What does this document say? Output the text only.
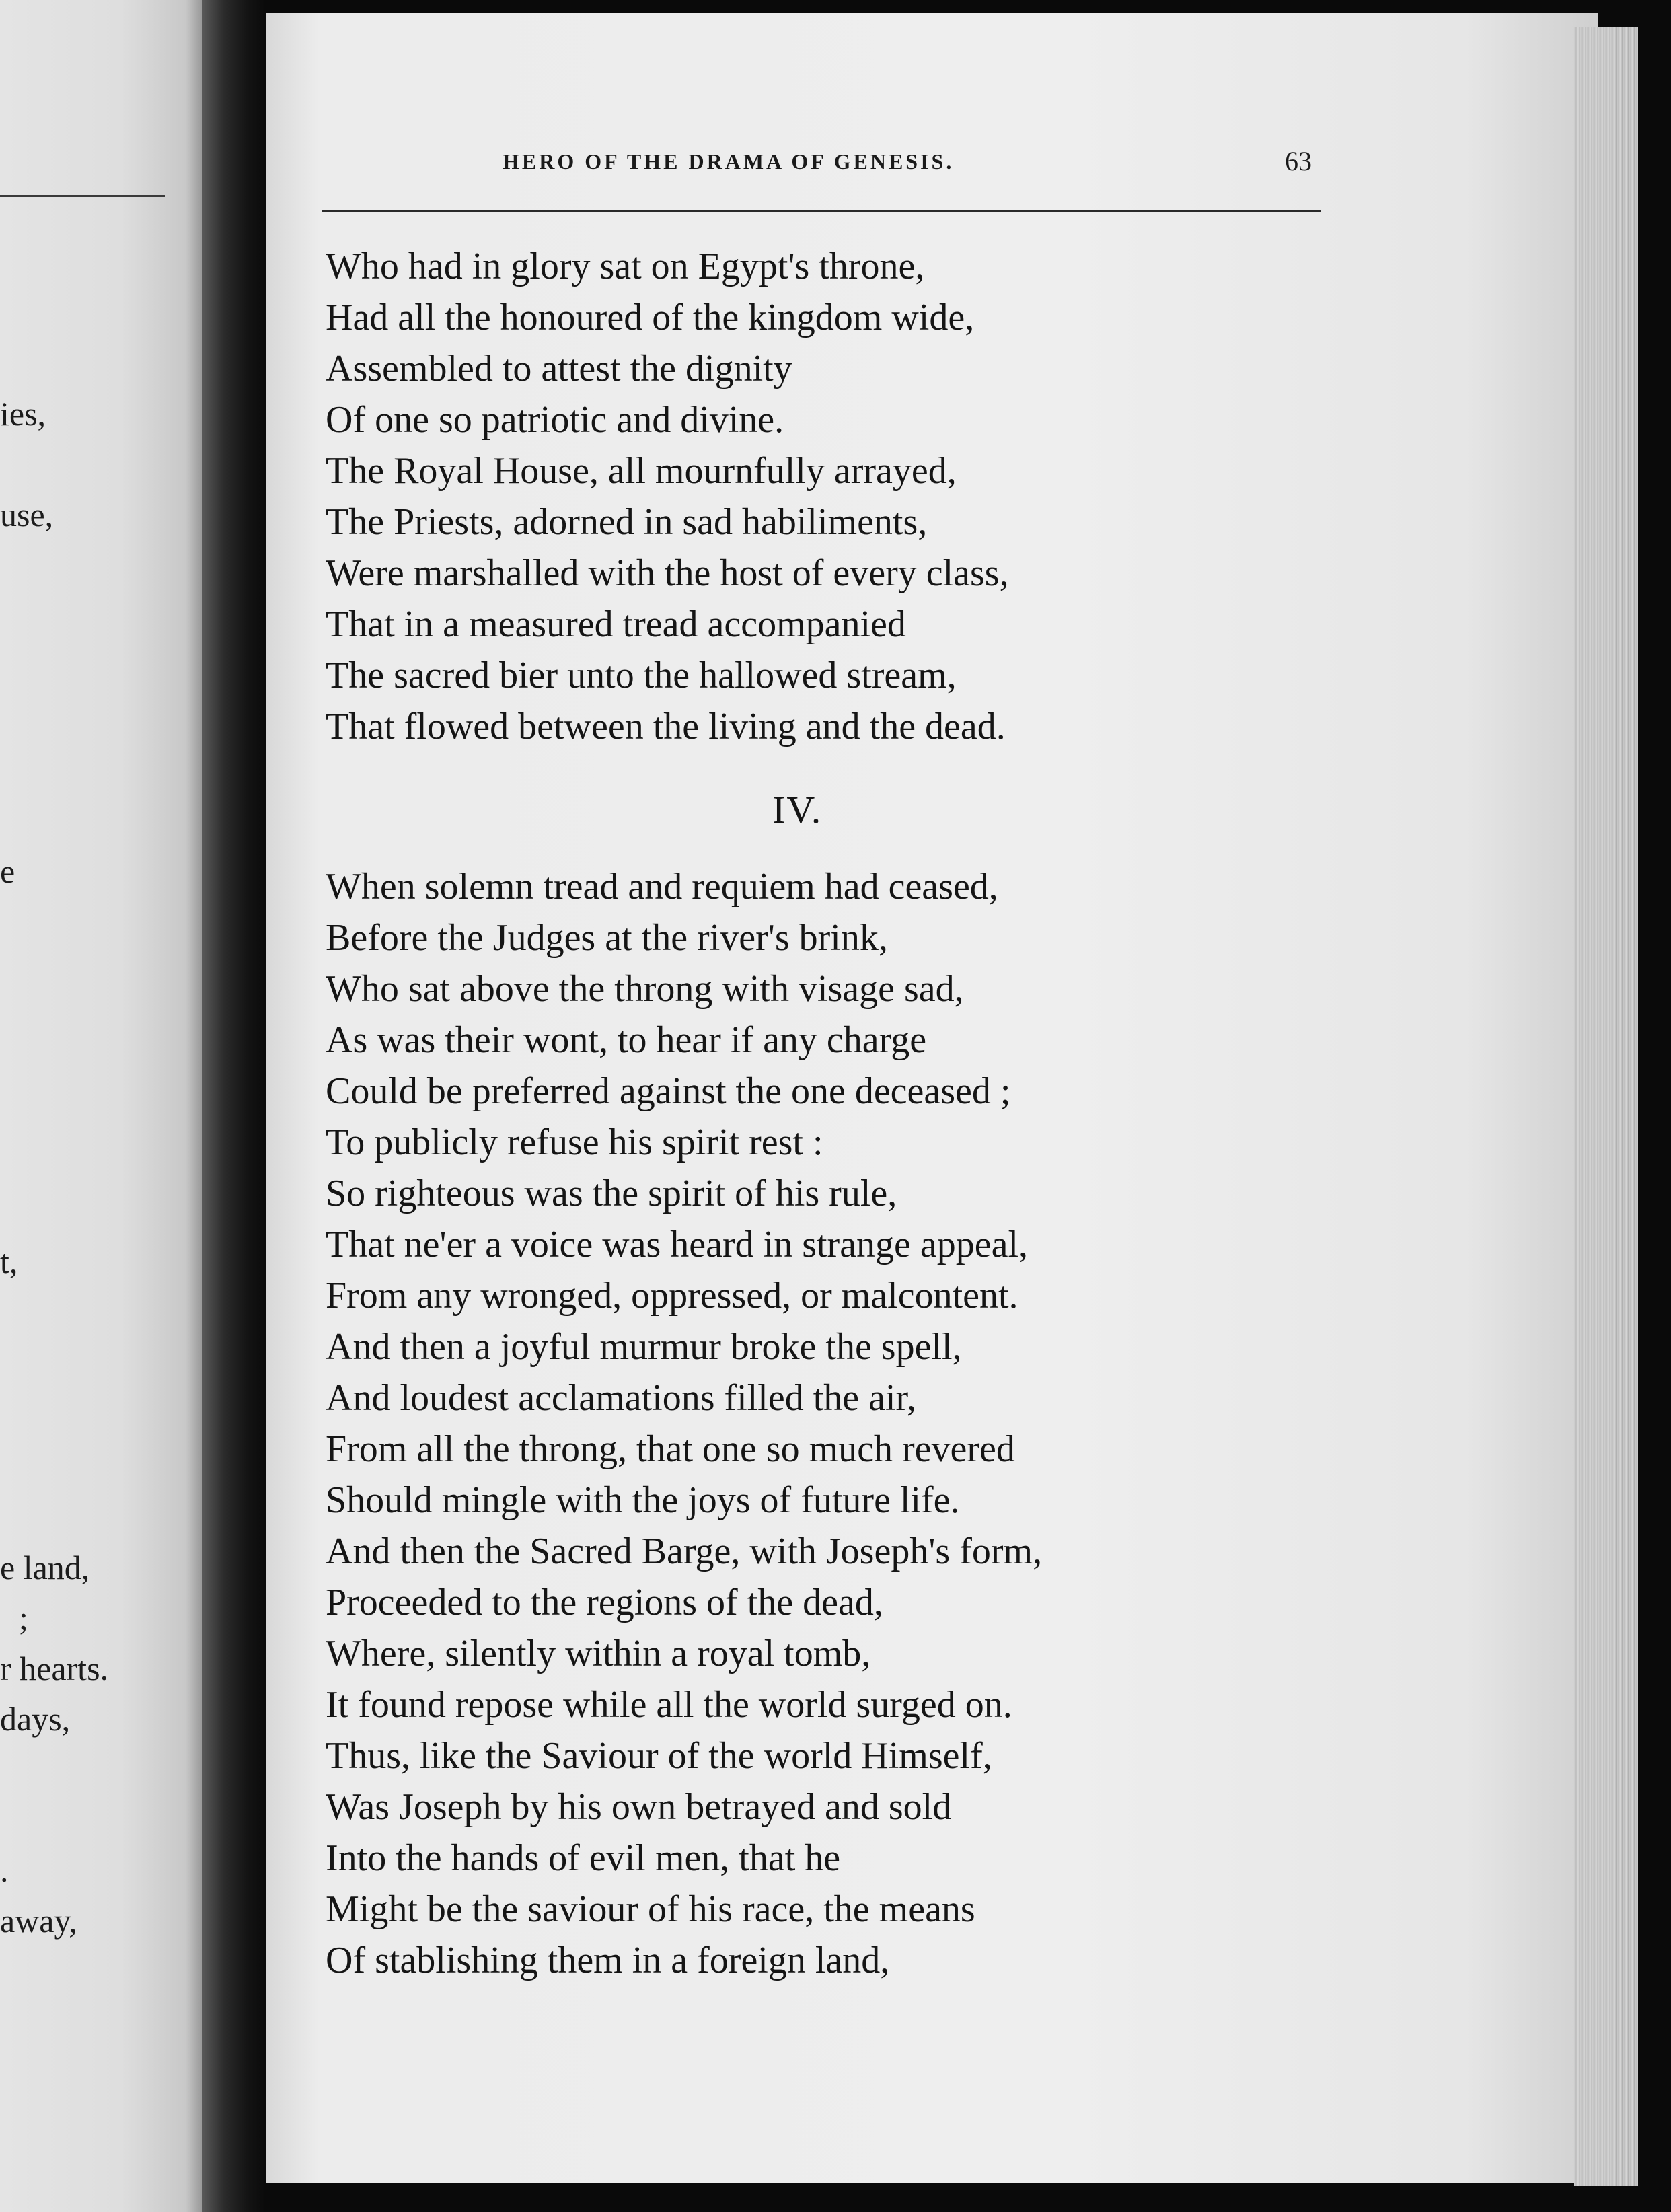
ies,
use,
e
t,
e land,
;
r hearts.
days,
.
away,
HERO OF THE DRAMA OF GENESIS.	63
Who had in glory sat on Egypt's throne,
Had all the honoured of the kingdom wide,
Assembled to attest the dignity
Of one so patriotic and divine.
The Royal House, all mournfully arrayed,
The Priests, adorned in sad habiliments,
Were marshalled with the host of every class,
That in a measured tread accompanied
The sacred bier unto the hallowed stream,
That flowed between the living and the dead.
IV.
When solemn tread and requiem had ceased,
Before the Judges at the river's brink,
Who sat above the throng with visage sad,
As was their wont, to hear if any charge
Could be preferred against the one deceased ;
To publicly refuse his spirit rest :
So righteous was the spirit of his rule,
That ne'er a voice was heard in strange appeal,
From any wronged, oppressed, or malcontent.
And then a joyful murmur broke the spell,
And loudest acclamations filled the air,
From all the throng, that one so much revered
Should mingle with the joys of future life.
And then the Sacred Barge, with Joseph's form,
Proceeded to the regions of the dead,
Where, silently within a royal tomb,
It found repose while all the world surged on.
Thus, like the Saviour of the world Himself,
Was Joseph by his own betrayed and sold
Into the hands of evil men, that he
Might be the saviour of his race, the means
Of stablishing them in a foreign land,
